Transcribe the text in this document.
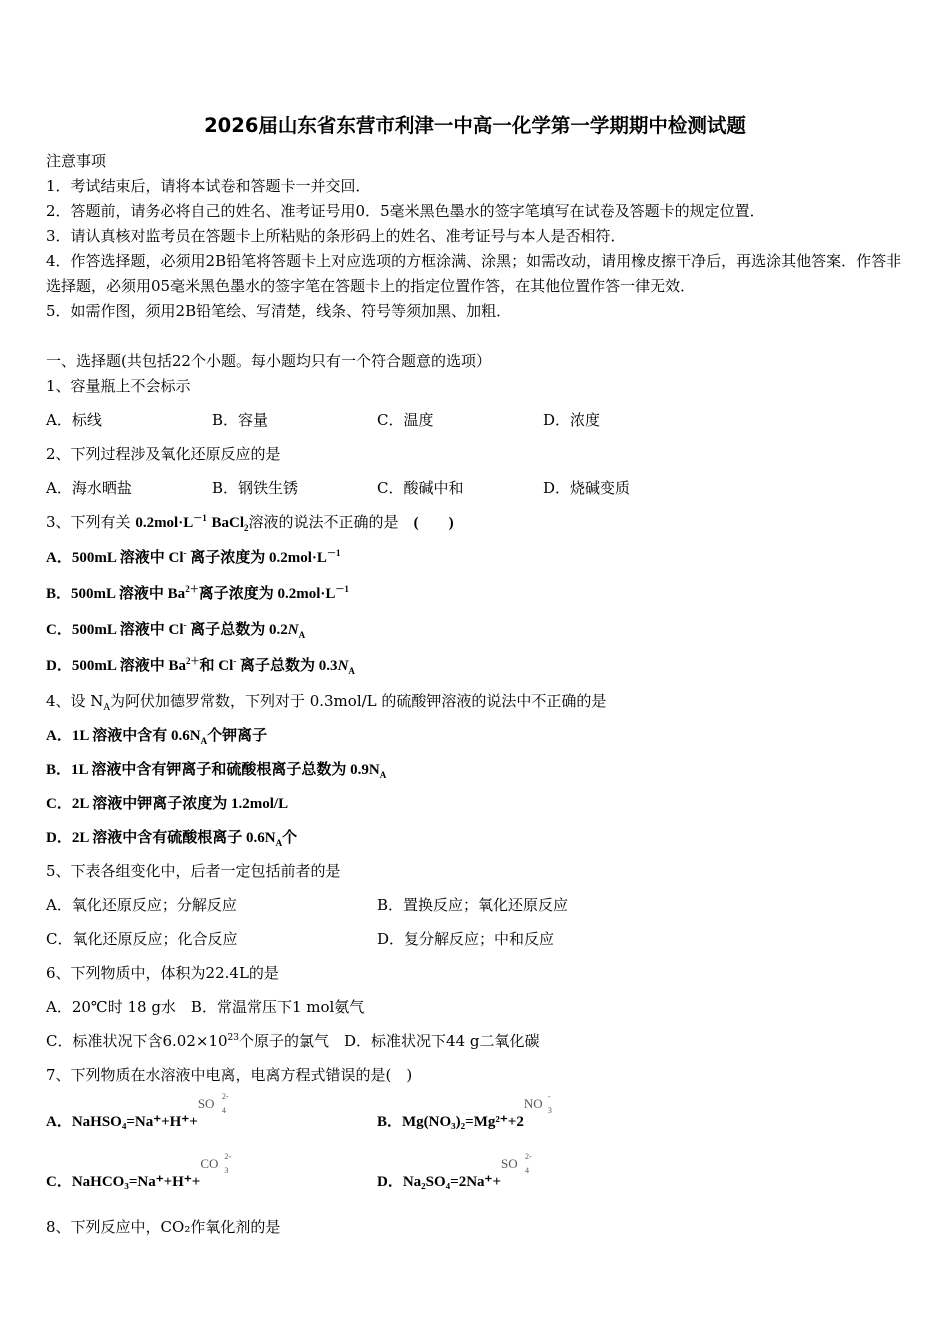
2026届山东省东营市利津一中高一化学第一学期期中检测试题
注意事项
1．考试结束后，请将本试卷和答题卡一并交回．
2．答题前，请务必将自己的姓名、准考证号用0．5毫米黑色墨水的签字笔填写在试卷及答题卡的规定位置．
3．请认真核对监考员在答题卡上所粘贴的条形码上的姓名、准考证号与本人是否相符．
4．作答选择题，必须用2B铅笔将答题卡上对应选项的方框涂满、涂黑；如需改动，请用橡皮擦干净后，再选涂其他答案．作答非选择题，必须用05毫米黑色墨水的签字笔在答题卡上的指定位置作答，在其他位置作答一律无效．
5．如需作图，须用2B铅笔绘、写清楚，线条、符号等须加黑、加粗．
一、选择题(共包括22个小题。每小题均只有一个符合题意的选项）
1、容量瓶上不会标示
A．标线	B．容量	C．温度	D．浓度
2、下列过程涉及氧化还原反应的是
A．海水晒盐	B．钢铁生锈	C．酸碱中和	D．烧碱变质
3、下列有关 $0.2mol\cdot L^{-1}$ BaCl$_2$溶液的说法不正确的是　 (　　)
A．500mL 溶液中 Cl- 离子浓度为 $0.2mol\cdot L^{-1}$
B．500mL 溶液中 $Ba^{2+}$离子浓度为 $0.2mol\cdot L^{-1}$
C．500mL 溶液中 Cl- 离子总数为 $0.2N_A$
D．500mL 溶液中 $Ba^{2+}$和 Cl- 离子总数为 $0.3N_A$
4、设 $N_A$为阿伏加德罗常数，下列对于 0.3mol/L 的硫酸钾溶液的说法中不正确的是
A．1L 溶液中含有 $0.6N_A$个钾离子
B．1L 溶液中含有钾离子和硫酸根离子总数为 $0.9N_A$
C．2L 溶液中钾离子浓度为 1.2mol/L
D．2L 溶液中含有硫酸根离子 $0.6N_A$个
5、下表各组变化中，后者一定包括前者的是
A．氧化还原反应；分解反应	B．置换反应；氧化还原反应
C．氧化还原反应；化合反应	D．复分解反应；中和反应
6、下列物质中，体积为22.4L的是
A．20℃时 18 g水　B．常温常压下1 mol氨气
C．标准状况下含$6.02\times 10^{23}$个原子的氯气　D．标准状况下44 g二氧化碳
7、下列物质在水溶液中电离，电离方程式错误的是(　)
A．NaHSO₄=Na⁺+H⁺+
SO 2-
4
B．Mg(NO₃)₂=Mg²⁺+2
NO -
3
C．NaHCO₃=Na⁺+H⁺+
CO 2-
3
D．Na₂SO₄=2Na⁺+
SO 2-
4
8、下列反应中，CO₂作氧化剂的是
